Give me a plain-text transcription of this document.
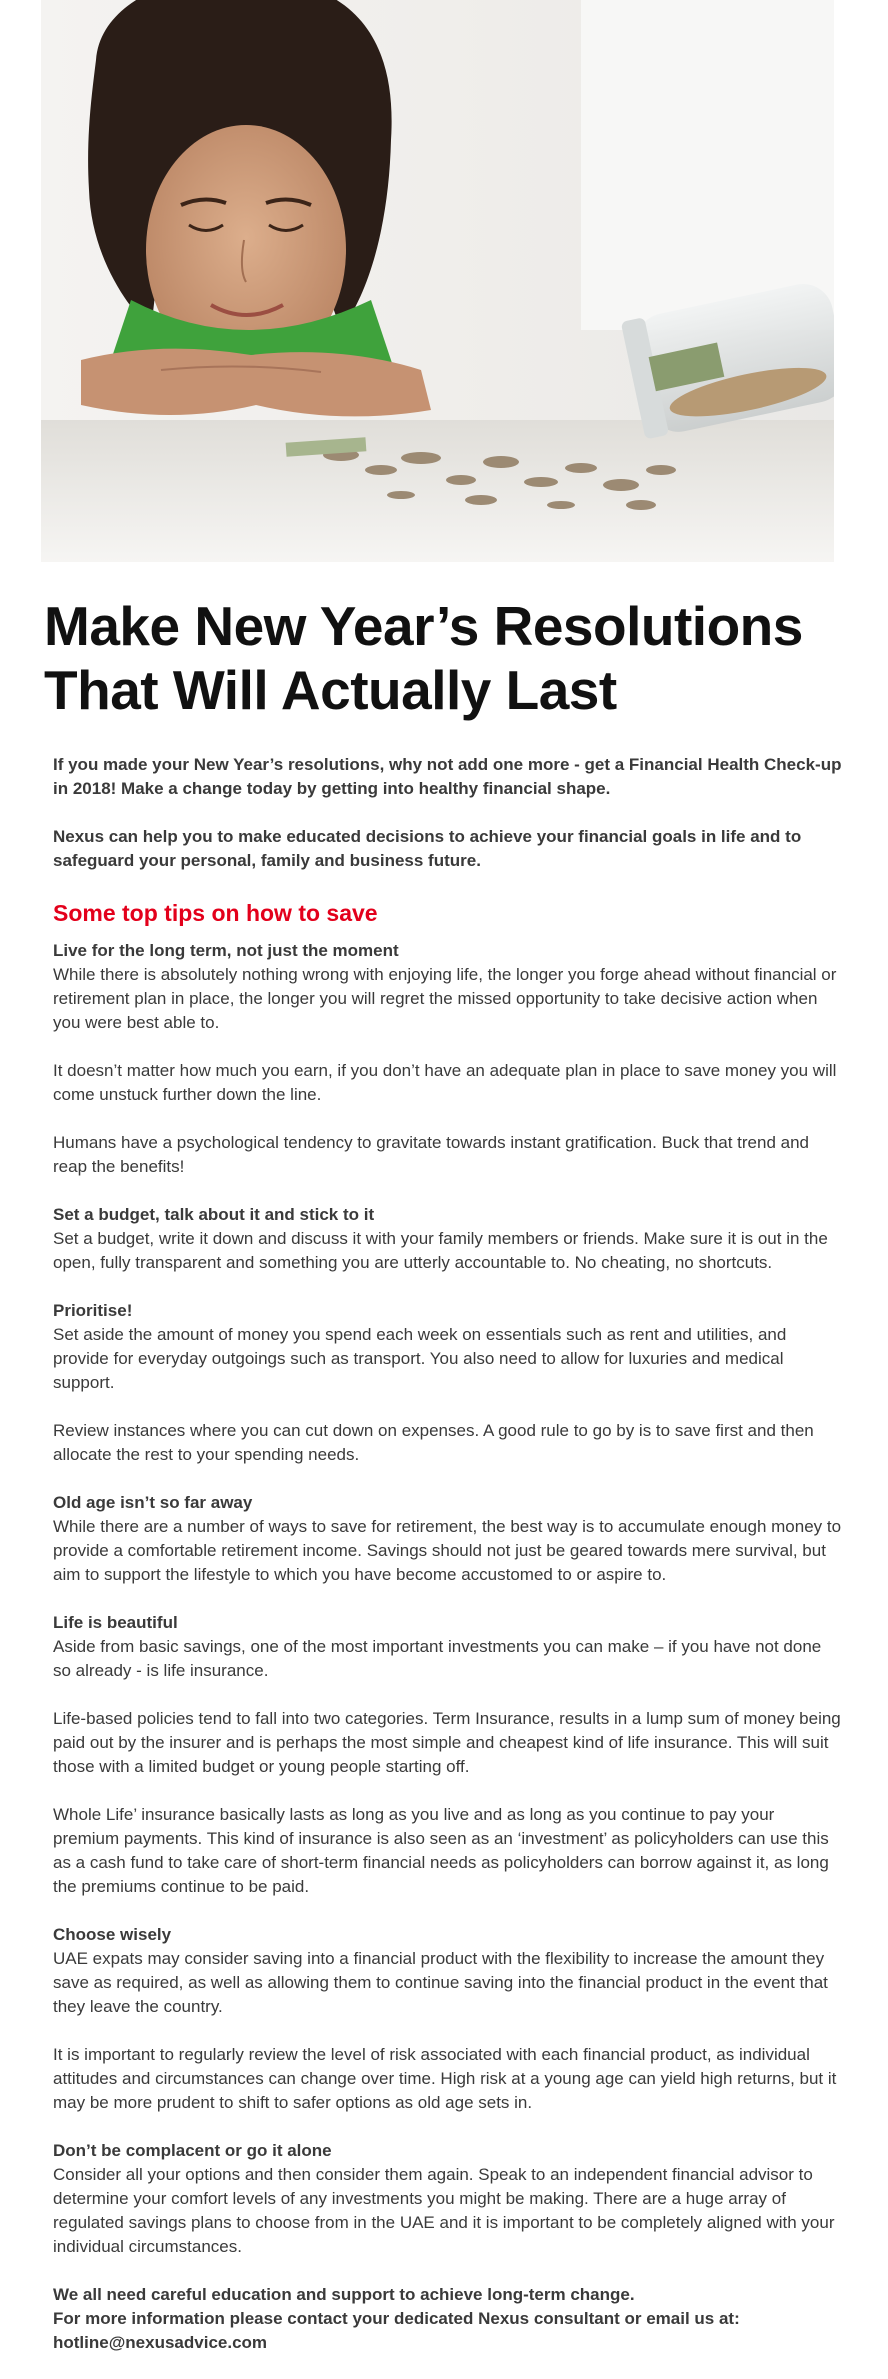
Make New Year’s Resolutions That Will Actually Last

If you made your New Year’s resolutions, why not add one more - get a Financial Health Check-up in 2018! Make a change today by getting into healthy financial shape.

Nexus can help you to make educated decisions to achieve your financial goals in life and to safeguard your personal, family and business future.

Some top tips on how to save
Live for the long term, not just the moment

While there is absolutely nothing wrong with enjoying life, the longer you forge ahead without financial or retirement plan in place, the longer you will regret the missed opportunity to take decisive action when you were best able to.

It doesn’t matter how much you earn, if you don’t have an adequate plan in place to save money you will come unstuck further down the line.

Humans have a psychological tendency to gravitate towards instant gratification. Buck that trend and reap the benefits!

Set a budget, talk about it and stick to it

Set a budget, write it down and discuss it with your family members or friends. Make sure it is out in the open, fully transparent and something you are utterly accountable to. No cheating, no shortcuts.

Prioritise!

Set aside the amount of money you spend each week on essentials such as rent and utilities, and provide for everyday outgoings such as transport. You also need to allow for luxuries and medical support.

Review instances where you can cut down on expenses. A good rule to go by is to save first and then allocate the rest to your spending needs.

Old age isn’t so far away

While there are a number of ways to save for retirement, the best way is to accumulate enough money to provide a comfortable retirement income. Savings should not just be geared towards mere survival, but aim to support the lifestyle to which you have become accustomed to or aspire to.

Life is beautiful

Aside from basic savings, one of the most important investments you can make – if you have not done so already - is life insurance.

Life-based policies tend to fall into two categories. Term Insurance, results in a lump sum of money being paid out by the insurer and is perhaps the most simple and cheapest kind of life insurance. This will suit those with a limited budget or young people starting off.

Whole Life’ insurance basically lasts as long as you live and as long as you continue to pay your premium payments. This kind of insurance is also seen as an ‘investment’ as policyholders can use this as a cash fund to take care of short-term financial needs as policyholders can borrow against it, as long the premiums continue to be paid.

Choose wisely

UAE expats may consider saving into a financial product with the flexibility to increase the amount they save as required, as well as allowing them to continue saving into the financial product in the event that they leave the country.

It is important to regularly review the level of risk associated with each financial product, as individual attitudes and circumstances can change over time. High risk at a young age can yield high returns, but it may be more prudent to shift to safer options as old age sets in.

Don’t be complacent or go it alone

Consider all your options and then consider them again. Speak to an independent financial advisor to determine your comfort levels of any investments you might be making. There are a huge array of regulated savings plans to choose from in the UAE and it is important to be completely aligned with your individual circumstances.

We all need careful education and support to achieve long-term change.
For more information please contact your dedicated Nexus consultant or email us at:
hotline@nexusadvice.com
